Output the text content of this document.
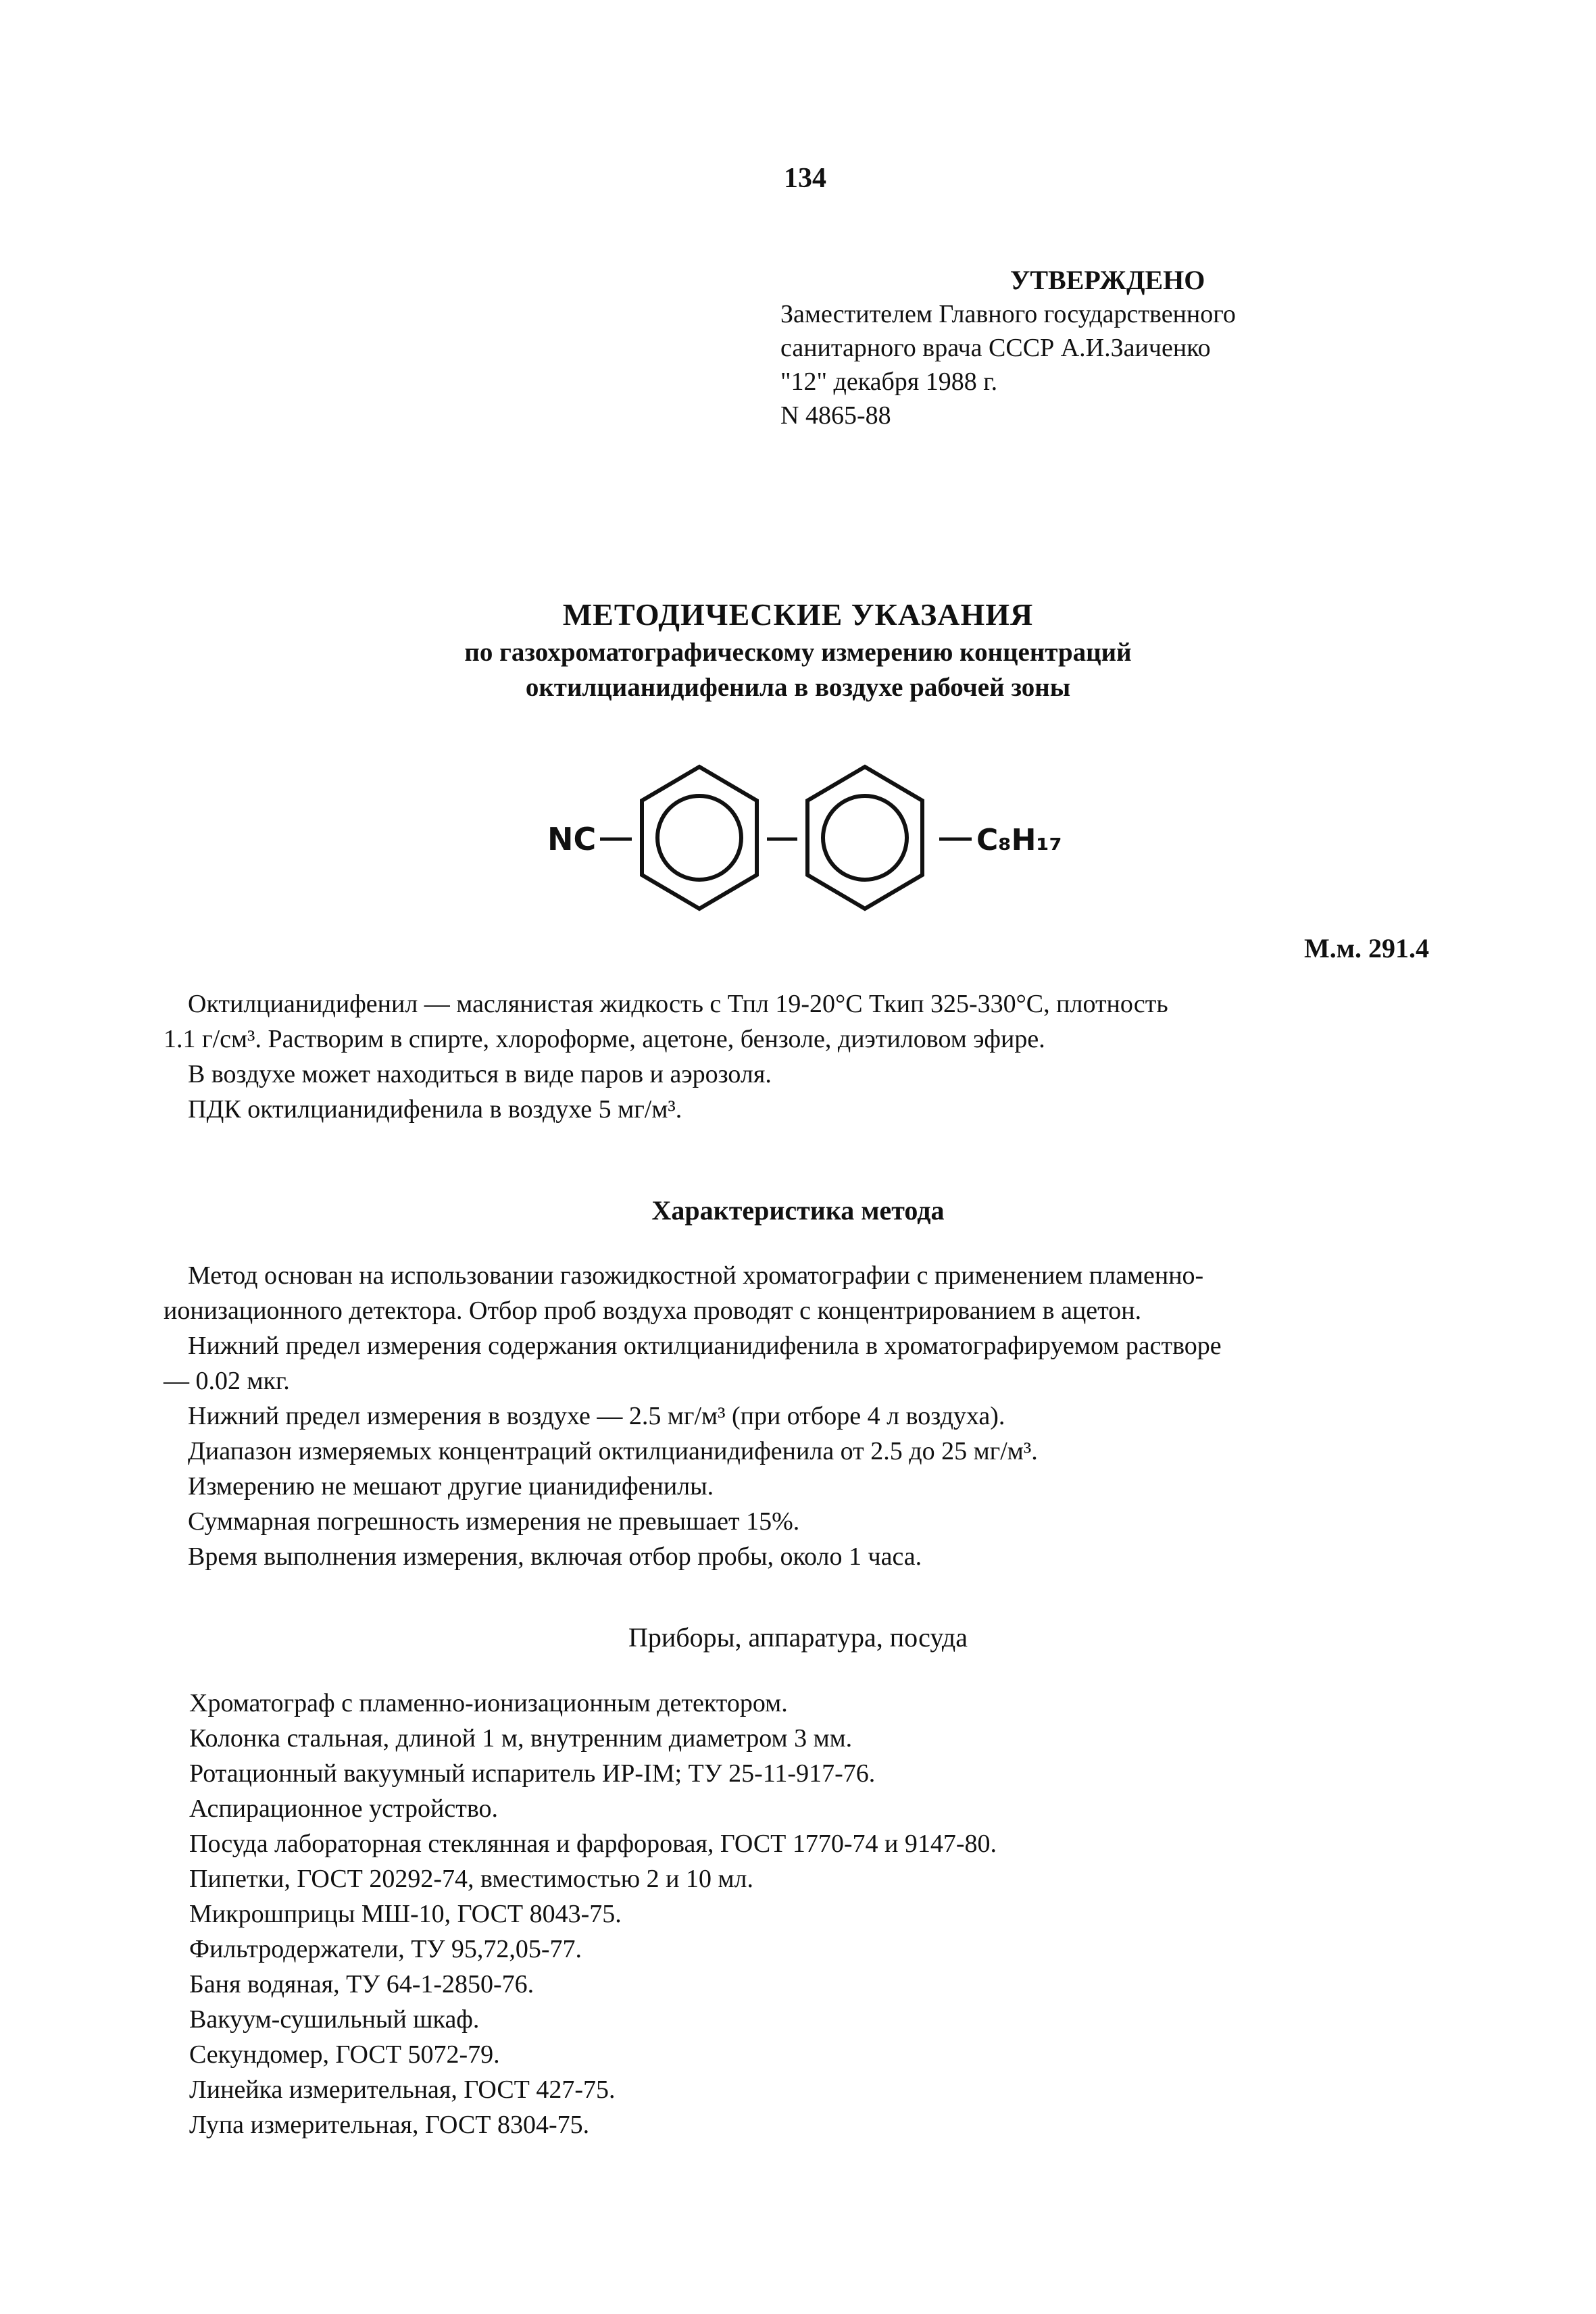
134
УТВЕРЖДЕНО
Заместителем Главного государственного
санитарного врача СССР А.И.Заиченко
"12" декабря 1988 г.
N 4865-88
МЕТОДИЧЕСКИЕ УКАЗАНИЯ
по газохроматографическому измерению концентраций
октилцианидифенила в воздухе рабочей зоны
NC	C₈H₁₇
М.м. 291.4

Октилцианидифенил — маслянистая жидкость с Тпл 19-20°С Ткип 325-330°С, плотность

1.1 г/см³. Растворим в спирте, хлороформе, ацетоне, бензоле, диэтиловом эфире.

В воздухе может находиться в виде паров и аэрозоля.

ПДК октилцианидифенила в воздухе 5 мг/м³.

Характеристика метода

Метод основан на использовании газожидкостной хроматографии с применением пламенно-

ионизационного детектора. Отбор проб воздуха проводят с концентрированием в ацетон.

Нижний предел измерения содержания октилцианидифенила в хроматографируемом растворе

— 0.02 мкг.

Нижний предел измерения в воздухе — 2.5 мг/м³ (при отборе 4 л воздуха).

Диапазон измеряемых концентраций октилцианидифенила от 2.5 до 25 мг/м³.

Измерению не мешают другие цианидифенилы.

Суммарная погрешность измерения не превышает 15%.

Время выполнения измерения, включая отбор пробы, около 1 часа.

Приборы, аппаратура, посуда
Хроматограф с пламенно-ионизационным детектором.
Колонка стальная, длиной 1 м, внутренним диаметром 3 мм.
Ротационный вакуумный испаритель ИР-IМ; ТУ 25-11-917-76.
Аспирационное устройство.
Посуда лабораторная стеклянная и фарфоровая, ГОСТ 1770-74 и 9147-80.
Пипетки, ГОСТ 20292-74, вместимостью 2 и 10 мл.
Микрошприцы МШ-10, ГОСТ 8043-75.
Фильтродержатели, ТУ 95,72,05-77.
Баня водяная, ТУ 64-1-2850-76.
Вакуум-сушильный шкаф.
Секундомер, ГОСТ 5072-79.
Линейка измерительная, ГОСТ 427-75.
Лупа измерительная, ГОСТ 8304-75.
